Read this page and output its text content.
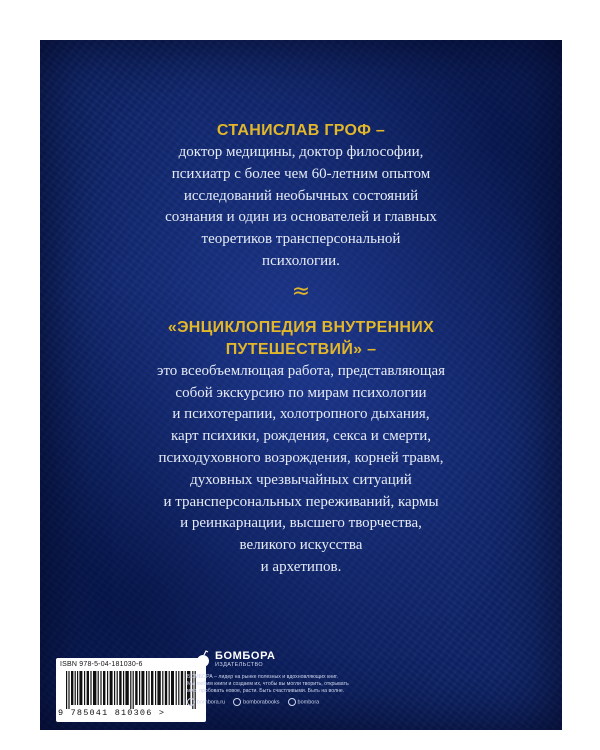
СТАНИСЛАВ ГРОФ –

доктор медицины, доктор философии,

психиатр с более чем 60-летним опытом

исследований необычных состояний

сознания и один из основателей и главных

теоретиков трансперсональной

психологии.

≈

«ЭНЦИКЛОПЕДИЯ ВНУТРЕННИХ

ПУТЕШЕСТВИЙ» –

это всеобъемлющая работа, представляющая

собой экскурсию по мирам психологии

и психотерапии, холотропного дыхания,

карт психики, рождения, секса и смерти,

психодуховного возрождения, корней травм,

духовных чрезвычайных ситуаций

и трансперсональных переживаний, кармы

и реинкарнации, высшего творчества,

великого искусства

и архетипов.

ISBN 978-5-04-181030-6
9 785041 810306 >
БОМБОРА
ИЗДАТЕЛЬСТВО
БОМБОРА – лидер на рынке полезных и вдохновляющих книг.
Мы любим книги и создаем их, чтобы вы могли творить, открывать
мир, пробовать новое, расти. Быть счастливыми. Быть на волне.
bombora.ru	bomborabooks	bombora
